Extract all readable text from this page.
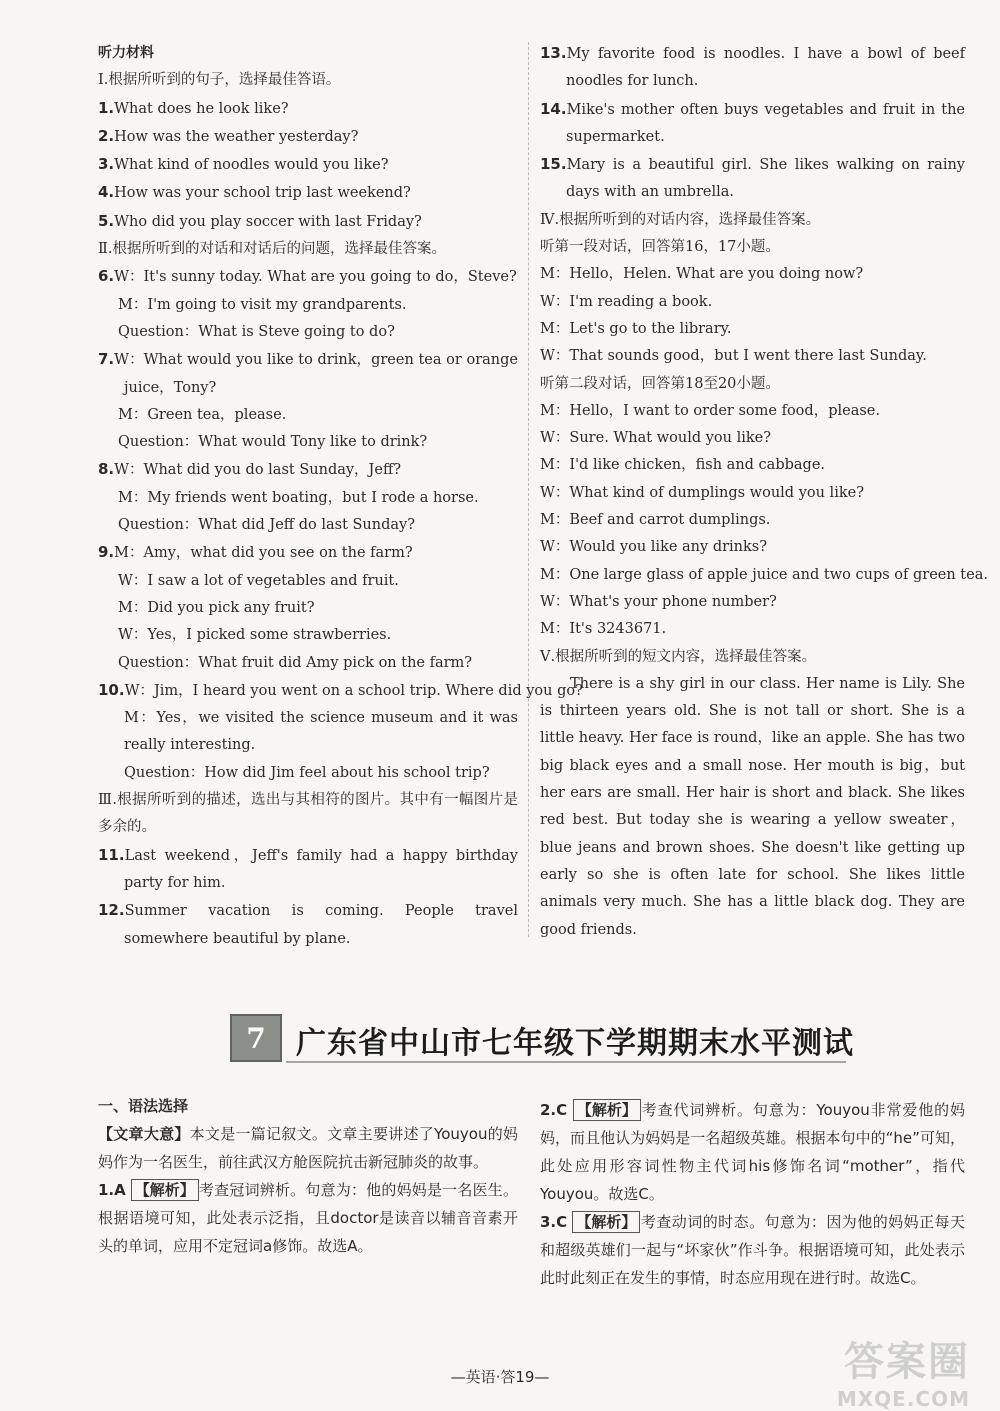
听力材料
Ⅰ.根据所听到的句子，选择最佳答语。
1.What does he look like?
2.How was the weather yesterday?
3.What kind of noodles would you like?
4.How was your school trip last weekend?
5.Who did you play soccer with last Friday?
Ⅱ.根据所听到的对话和对话后的问题，选择最佳答案。
6.W：It's sunny today. What are you going to do，Steve?
M：I'm going to visit my grandparents.
Question：What is Steve going to do?
7.W：What would you like to drink，green tea or orange juice，Tony?
M：Green tea，please.
Question：What would Tony like to drink?
8.W：What did you do last Sunday，Jeff?
M：My friends went boating，but I rode a horse.
Question：What did Jeff do last Sunday?
9.M：Amy，what did you see on the farm?
W：I saw a lot of vegetables and fruit.
M：Did you pick any fruit?
W：Yes，I picked some strawberries.
Question：What fruit did Amy pick on the farm?
10.W：Jim，I heard you went on a school trip. Where did you go?
M：Yes，we visited the science museum and it was really interesting.
Question：How did Jim feel about his school trip?
Ⅲ.根据所听到的描述，选出与其相符的图片。其中有一幅图片是多余的。
11.Last weekend，Jeff's family had a happy birthday party for him.
12.Summer vacation is coming. People travel somewhere beautiful by plane.
13.My favorite food is noodles. I have a bowl of beef noodles for lunch.
14.Mike's mother often buys vegetables and fruit in the supermarket.
15.Mary is a beautiful girl. She likes walking on rainy days with an umbrella.
Ⅳ.根据所听到的对话内容，选择最佳答案。
听第一段对话，回答第16，17小题。
M：Hello，Helen. What are you doing now?
W：I'm reading a book.
M：Let's go to the library.
W：That sounds good，but I went there last Sunday.
听第二段对话，回答第18至20小题。
M：Hello，I want to order some food，please.
W：Sure. What would you like?
M：I'd like chicken，fish and cabbage.
W：What kind of dumplings would you like?
M：Beef and carrot dumplings.
W：Would you like any drinks?
M：One large glass of apple juice and two cups of green tea.
W：What's your phone number?
M：It's 3243671.
Ⅴ.根据所听到的短文内容，选择最佳答案。
There is a shy girl in our class. Her name is Lily. She is thirteen years old. She is not tall or short. She is a little heavy. Her face is round，like an apple. She has two big black eyes and a small nose. Her mouth is big，but her ears are small. Her hair is short and black. She likes red best. But today she is wearing a yellow sweater，blue jeans and brown shoes. She doesn't like getting up early so she is often late for school. She likes little animals very much. She has a little black dog. They are good friends.
7	广东省中山市七年级下学期期末水平测试
一、语法选择
【文章大意】本文是一篇记叙文。文章主要讲述了Youyou的妈妈作为一名医生，前往武汉方舱医院抗击新冠肺炎的故事。
1.A 【解析】 考查冠词辨析。句意为：他的妈妈是一名医生。根据语境可知，此处表示泛指，且doctor是读音以辅音音素开头的单词，应用不定冠词a修饰。故选A。
2.C 【解析】 考查代词辨析。句意为：Youyou非常爱他的妈妈，而且他认为妈妈是一名超级英雄。根据本句中的“he”可知，此处应用形容词性物主代词his修饰名词“mother”，指代Youyou。故选C。
3.C 【解析】 考查动词的时态。句意为：因为他的妈妈正每天和超级英雄们一起与“坏家伙”作斗争。根据语境可知，此处表示此时此刻正在发生的事情，时态应用现在进行时。故选C。
—英语·答19—	答案圈
MXQE.COM
